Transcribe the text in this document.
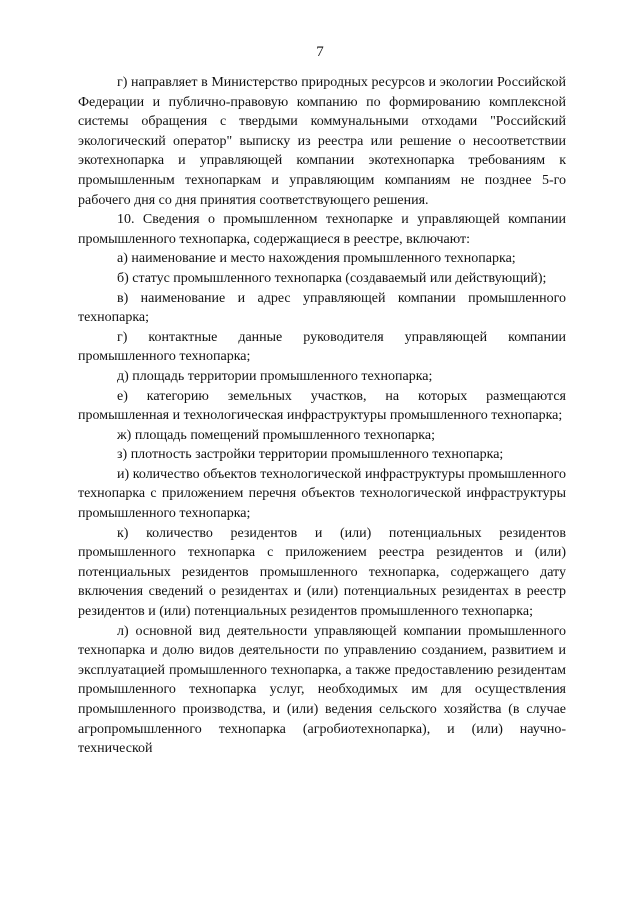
7

г) направляет в Министерство природных ресурсов и экологии Российской Федерации и публично-правовую компанию по формированию комплексной системы обращения с твердыми коммунальными отходами "Российский экологический оператор" выписку из реестра или решение о несоответствии экотехнопарка и управляющей компании экотехнопарка требованиям к промышленным технопаркам и управляющим компаниям не позднее 5-го рабочего дня со дня принятия соответствующего решения.

10. Сведения о промышленном технопарке и управляющей компании промышленного технопарка, содержащиеся в реестре, включают:

а) наименование и место нахождения промышленного технопарка;

б) статус промышленного технопарка (создаваемый или действующий);

в) наименование и адрес управляющей компании промышленного технопарка;

г) контактные данные руководителя управляющей компании промышленного технопарка;

д) площадь территории промышленного технопарка;

е) категорию земельных участков, на которых размещаются промышленная и технологическая инфраструктуры промышленного технопарка;

ж) площадь помещений промышленного технопарка;

з) плотность застройки территории промышленного технопарка;

и) количество объектов технологической инфраструктуры промышленного технопарка с приложением перечня объектов технологической инфраструктуры промышленного технопарка;

к) количество резидентов и (или) потенциальных резидентов промышленного технопарка с приложением реестра резидентов и (или) потенциальных резидентов промышленного технопарка, содержащего дату включения сведений о резидентах и (или) потенциальных резидентах в реестр резидентов и (или) потенциальных резидентов промышленного технопарка;

л) основной вид деятельности управляющей компании промышленного технопарка и долю видов деятельности по управлению созданием, развитием и эксплуатацией промышленного технопарка, а также предоставлению резидентам промышленного технопарка услуг, необходимых им для осуществления промышленного производства, и (или) ведения сельского хозяйства (в случае агропромышленного технопарка (агробиотехнопарка), и (или) научно-технической
